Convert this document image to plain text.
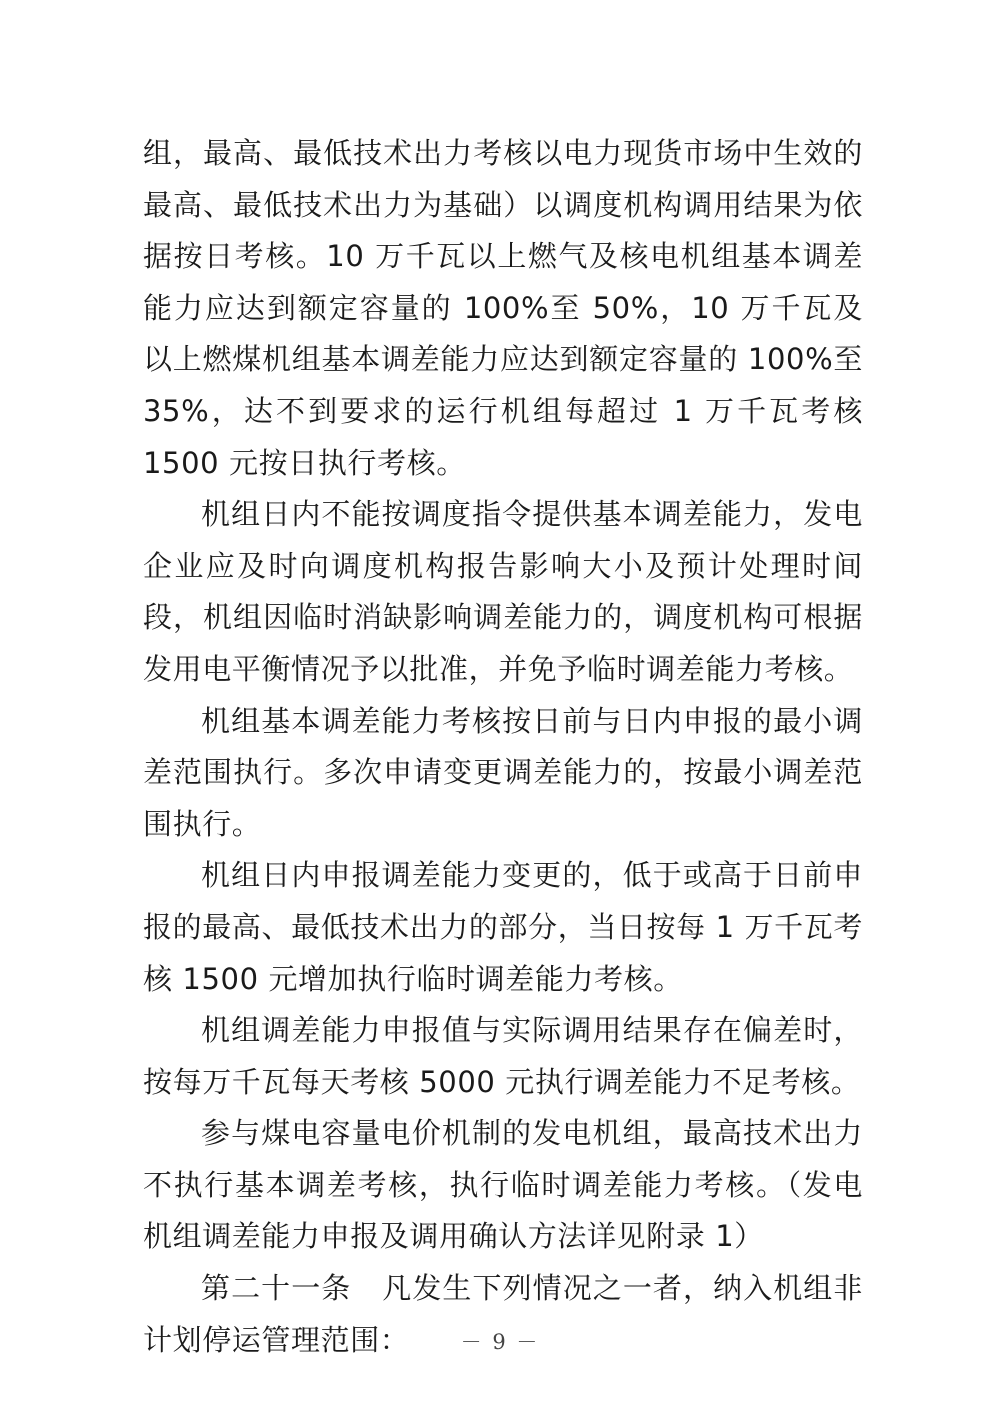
组，最高、最低技术出力考核以电力现货市场中生效的最高、最低技术出力为基础）以调度机构调用结果为依据按日考核。10 万千瓦以上燃气及核电机组基本调差能力应达到额定容量的 100%至 50%，10 万千瓦及以上燃煤机组基本调差能力应达到额定容量的 100%至 35%，达不到要求的运行机组每超过 1 万千瓦考核 1500 元按日执行考核。

机组日内不能按调度指令提供基本调差能力，发电企业应及时向调度机构报告影响大小及预计处理时间段，机组因临时消缺影响调差能力的，调度机构可根据发用电平衡情况予以批准，并免予临时调差能力考核。

机组基本调差能力考核按日前与日内申报的最小调差范围执行。多次申请变更调差能力的，按最小调差范围执行。

机组日内申报调差能力变更的，低于或高于日前申报的最高、最低技术出力的部分，当日按每 1 万千瓦考核 1500 元增加执行临时调差能力考核。

机组调差能力申报值与实际调用结果存在偏差时，按每万千瓦每天考核 5000 元执行调差能力不足考核。

参与煤电容量电价机制的发电机组，最高技术出力不执行基本调差考核，执行临时调差能力考核。（发电机组调差能力申报及调用确认方法详见附录 1）

第二十一条 凡发生下列情况之一者，纳入机组非计划停运管理范围：	－ 9 －
